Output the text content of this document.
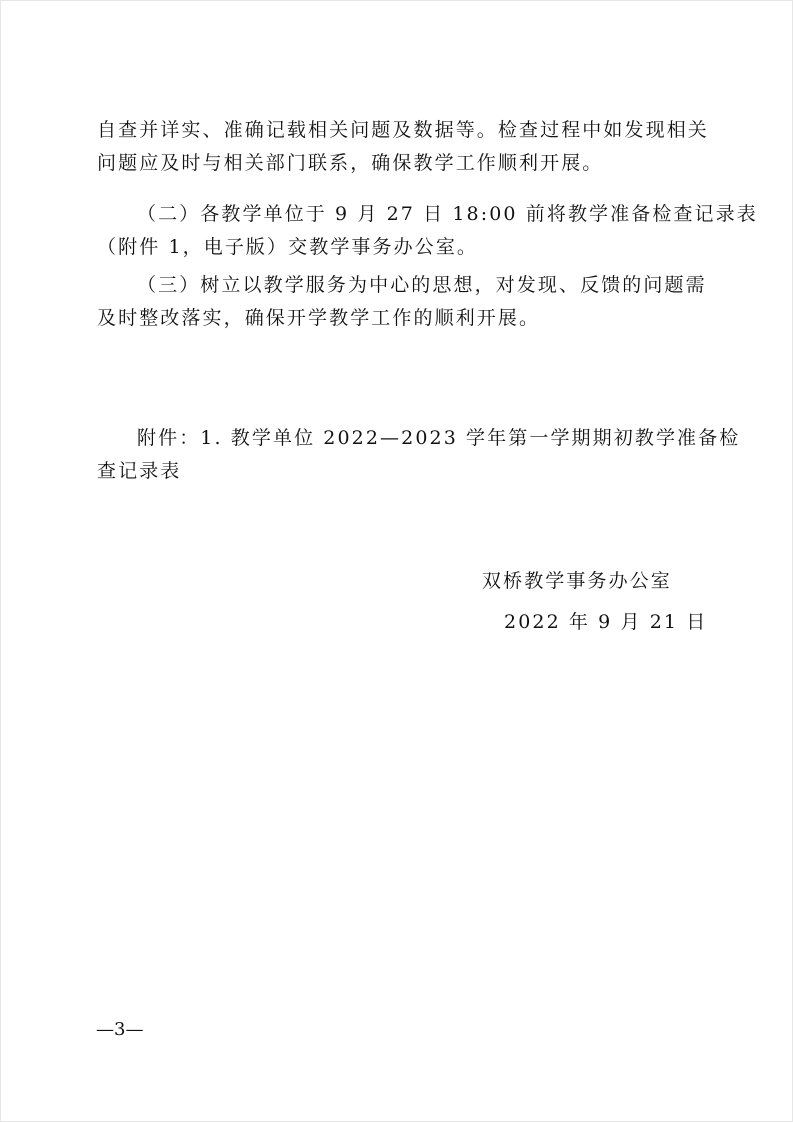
自查并详实、准确记载相关问题及数据等。检查过程中如发现相关
问题应及时与相关部门联系，确保教学工作顺利开展。

（二）各教学单位于 9 月 27 日 18:00 前将教学准备检查记录表
（附件 1，电子版）交教学事务办公室。

（三）树立以教学服务为中心的思想，对发现、反馈的问题需
及时整改落实，确保开学教学工作的顺利开展。

附件：1. 教学单位 2022—2023 学年第一学期期初教学准备检
查记录表

双桥教学事务办公室
2022 年 9 月 21 日
—3—
